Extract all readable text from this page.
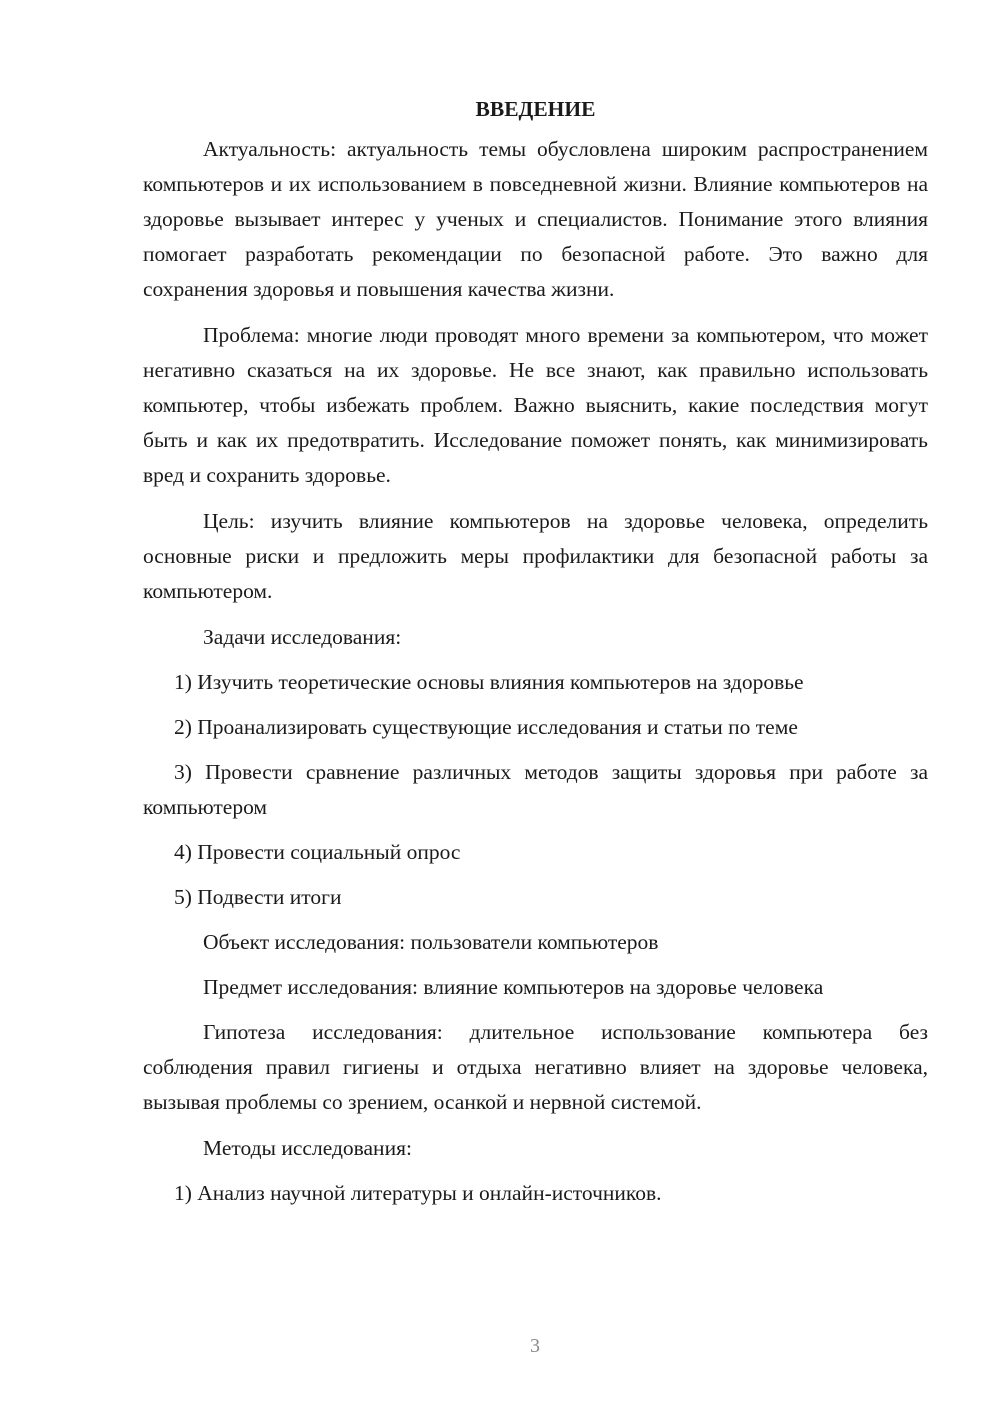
ВВЕДЕНИЕ

Актуальность: актуальность темы обусловлена широким распространением компьютеров и их использованием в повседневной жизни. Влияние компьютеров на здоровье вызывает интерес у ученых и специалистов. Понимание этого влияния помогает разработать рекомендации по безопасной работе. Это важно для сохранения здоровья и повышения качества жизни.

Проблема: многие люди проводят много времени за компьютером, что может негативно сказаться на их здоровье. Не все знают, как правильно использовать компьютер, чтобы избежать проблем. Важно выяснить, какие последствия могут быть и как их предотвратить. Исследование поможет понять, как минимизировать вред и сохранить здоровье.

Цель: изучить влияние компьютеров на здоровье человека, определить основные риски и предложить меры профилактики для безопасной работы за компьютером.

Задачи исследования:

1) Изучить теоретические основы влияния компьютеров на здоровье

2) Проанализировать существующие исследования и статьи по теме

3) Провести сравнение различных методов защиты здоровья при работе за компьютером

4) Провести социальный опрос

5) Подвести итоги

Объект исследования: пользователи компьютеров

Предмет исследования: влияние компьютеров на здоровье человека

Гипотеза исследования: длительное использование компьютера без соблюдения правил гигиены и отдыха негативно влияет на здоровье человека, вызывая проблемы со зрением, осанкой и нервной системой.

Методы исследования:

1) Анализ научной литературы и онлайн-источников.

3
